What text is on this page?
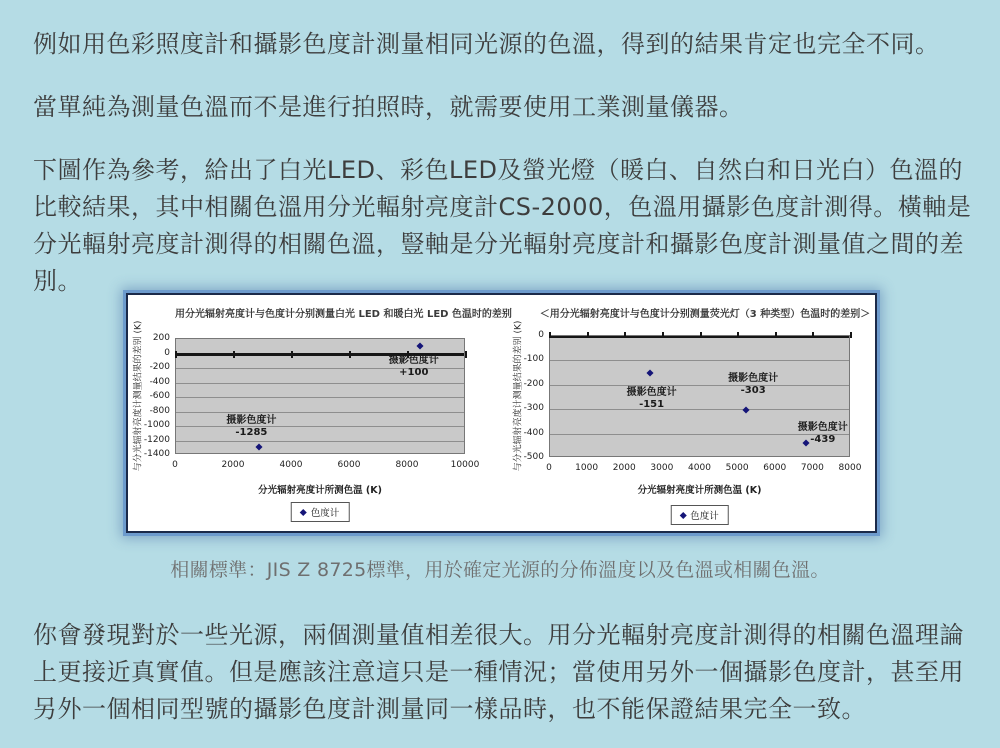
例如用色彩照度計和攝影色度計測量相同光源的色溫，得到的結果肯定也完全不同。

當單純為測量色溫而不是進行拍照時，就需要使用工業測量儀器。

下圖作為參考，給出了白光LED、彩色LED及螢光燈（暖白、自然白和日光白）色溫的比較結果，其中相關色溫用分光輻射亮度計CS-2000，色溫用攝影色度計測得。橫軸是分光輻射亮度計測得的相關色溫，豎軸是分光輻射亮度計和攝影色度計測量值之間的差別。

用分光辐射亮度计与色度计分别测量白光 LED 和暖白光 LED 色温时的差别
与分光辐射亮度计测量结果的差别 (K)	摄影色度计
-1285
摄影色度计
+100
200
0
-200
-400
-600
-800
-1000
-1200
-1400
0	2000	4000	6000	8000	10000
分光辐射亮度计所测色温 (K)
色度计
＜用分光辐射亮度计与色度计分别测量荧光灯（3 种类型）色温时的差别＞
与分光辐射亮度计测量结果的差别 (K)	摄影色度计
-151
摄影色度计
-303
摄影色度计
-439
0
-100
-200
-300
-400
-500
0	1000 2000 3000 4000 5000 6000 7000 8000
分光辐射亮度计所测色温 (K)
色度计

相關標準：JIS Z 8725標準，用於確定光源的分佈溫度以及色溫或相關色溫。

你會發現對於一些光源，兩個測量值相差很大。用分光輻射亮度計測得的相關色溫理論上更接近真實值。但是應該注意這只是一種情況；當使用另外一個攝影色度計，甚至用另外一個相同型號的攝影色度計測量同一樣品時，也不能保證結果完全一致。
